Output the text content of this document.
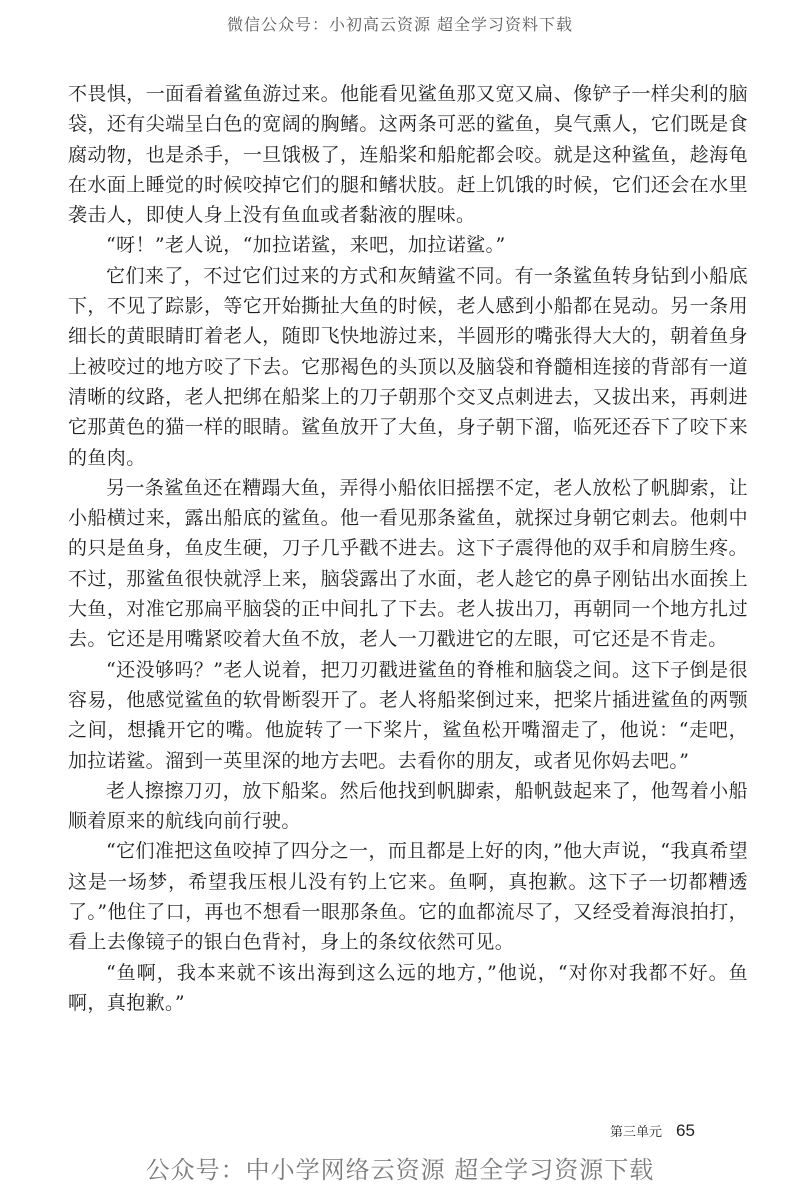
微信公众号：小初高云资源 超全学习资料下载

不畏惧，一面看着鲨鱼游过来。他能看见鲨鱼那又宽又扁、像铲子一样尖利的脑袋，还有尖端呈白色的宽阔的胸鳍。这两条可恶的鲨鱼，臭气熏人，它们既是食腐动物，也是杀手，一旦饿极了，连船桨和船舵都会咬。就是这种鲨鱼，趁海龟在水面上睡觉的时候咬掉它们的腿和鳍状肢。赶上饥饿的时候，它们还会在水里袭击人，即使人身上没有鱼血或者黏液的腥味。

“呀！”老人说，“加拉诺鲨，来吧，加拉诺鲨。”

它们来了，不过它们过来的方式和灰鲭鲨不同。有一条鲨鱼转身钻到小船底下，不见了踪影，等它开始撕扯大鱼的时候，老人感到小船都在晃动。另一条用细长的黄眼睛盯着老人，随即飞快地游过来，半圆形的嘴张得大大的，朝着鱼身上被咬过的地方咬了下去。它那褐色的头顶以及脑袋和脊髓相连接的背部有一道清晰的纹路，老人把绑在船桨上的刀子朝那个交叉点刺进去，又拔出来，再刺进它那黄色的猫一样的眼睛。鲨鱼放开了大鱼，身子朝下溜，临死还吞下了咬下来的鱼肉。

另一条鲨鱼还在糟蹋大鱼，弄得小船依旧摇摆不定，老人放松了帆脚索，让小船横过来，露出船底的鲨鱼。他一看见那条鲨鱼，就探过身朝它刺去。他刺中的只是鱼身，鱼皮生硬，刀子几乎戳不进去。这下子震得他的双手和肩膀生疼。不过，那鲨鱼很快就浮上来，脑袋露出了水面，老人趁它的鼻子刚钻出水面挨上大鱼，对准它那扁平脑袋的正中间扎了下去。老人拔出刀，再朝同一个地方扎过去。它还是用嘴紧咬着大鱼不放，老人一刀戳进它的左眼，可它还是不肯走。

“还没够吗？”老人说着，把刀刃戳进鲨鱼的脊椎和脑袋之间。这下子倒是很容易，他感觉鲨鱼的软骨断裂开了。老人将船桨倒过来，把桨片插进鲨鱼的两颚之间，想撬开它的嘴。他旋转了一下桨片，鲨鱼松开嘴溜走了，他说：“走吧，加拉诺鲨。溜到一英里深的地方去吧。去看你的朋友，或者见你妈去吧。”

老人擦擦刀刃，放下船桨。然后他找到帆脚索，船帆鼓起来了，他驾着小船顺着原来的航线向前行驶。

“它们准把这鱼咬掉了四分之一，而且都是上好的肉，”他大声说，“我真希望这是一场梦，希望我压根儿没有钓上它来。鱼啊，真抱歉。这下子一切都糟透了。”他住了口，再也不想看一眼那条鱼。它的血都流尽了，又经受着海浪拍打，看上去像镜子的银白色背衬，身上的条纹依然可见。

“鱼啊，我本来就不该出海到这么远的地方，”他说，“对你对我都不好。鱼啊，真抱歉。”

第三单元 65
公众号：中小学网络云资源 超全学习资源下载
